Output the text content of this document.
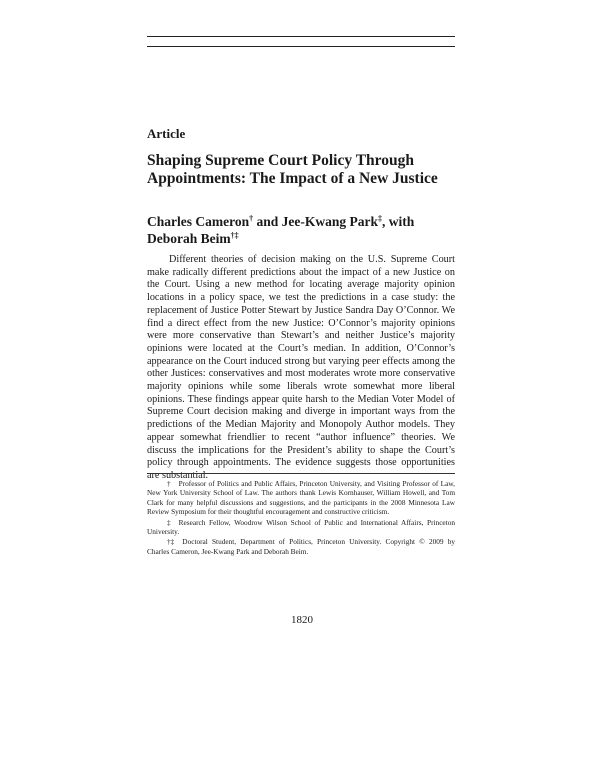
Article
Shaping Supreme Court Policy Through Appointments: The Impact of a New Justice
Charles Cameron† and Jee-Kwang Park‡, with
Deborah Beim†‡

Different theories of decision making on the U.S. Supreme Court make radically different predictions about the impact of a new Justice on the Court. Using a new method for locating average majority opinion locations in a policy space, we test the predictions in a case study: the replacement of Justice Potter Stewart by Justice Sandra Day O’Connor. We find a direct effect from the new Justice: O’Connor’s majority opinions were more conservative than Stewart’s and neither Justice’s majority opinions were located at the Court’s median. In addition, O’Connor’s appearance on the Court induced strong but varying peer effects among the other Justices: conservatives and most moderates wrote more conservative majority opinions while some liberals wrote somewhat more liberal opinions. These findings appear quite harsh to the Median Voter Model of Supreme Court decision making and diverge in important ways from the predictions of the Median Majority and Monopoly Author models. They appear somewhat friendlier to recent “author influence” theories. We discuss the implications for the President’s ability to shape the Court’s policy through appointments. The evidence suggests those opportunities are substantial.

† Professor of Politics and Public Affairs, Princeton University, and Visiting Professor of Law, New York University School of Law. The authors thank Lewis Kornhauser, William Howell, and Tom Clark for many helpful discussions and suggestions, and the participants in the 2008 Minnesota Law Review Symposium for their thoughtful encouragement and constructive criticism.

‡ Research Fellow, Woodrow Wilson School of Public and International Affairs, Princeton University.

†‡ Doctoral Student, Department of Politics, Princeton University. Copyright © 2009 by Charles Cameron, Jee-Kwang Park and Deborah Beim.

1820
